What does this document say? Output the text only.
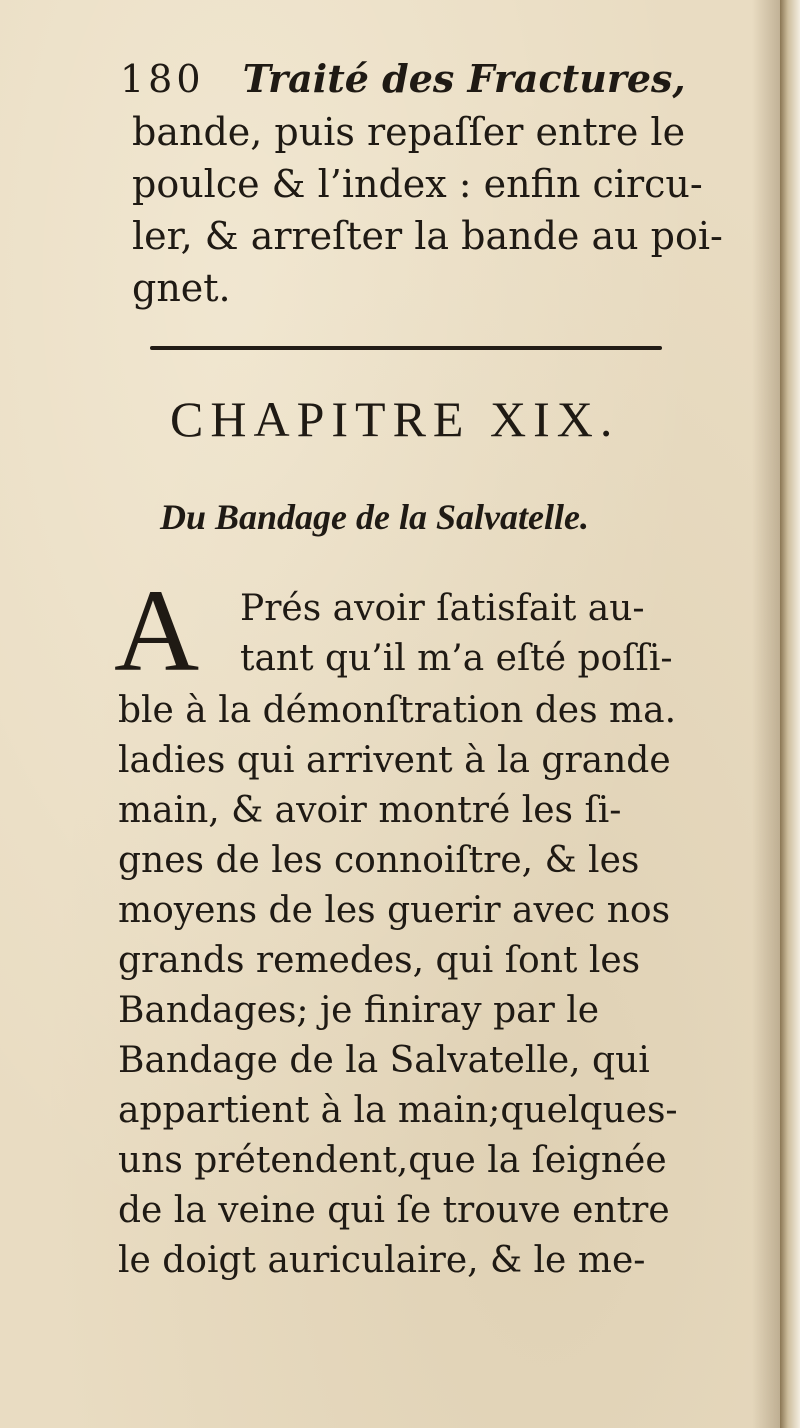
180 Traité des Fractures,
bande, puis repaſſer entre le
poulce & l’index : enfin circu-
ler, & arreſter la bande au poi-
gnet.
CHAPITRE XIX.
Du Bandage de la Salvatelle.
A Prés avoir ſatisfait au-
tant qu’il m’a eſté poſſi-
ble à la démonſtration des ma.
ladies qui arrivent à la grande
main, & avoir montré les ſi-
gnes de les connoiſtre, & les
moyens de les guerir avec nos
grands remedes, qui ſont les
Bandages; je finiray par le
Bandage de la Salvatelle, qui
appartient à la main;quelques-
uns prétendent,que la ſeignée
de la veine qui ſe trouve entre
le doigt auriculaire, & le me-
